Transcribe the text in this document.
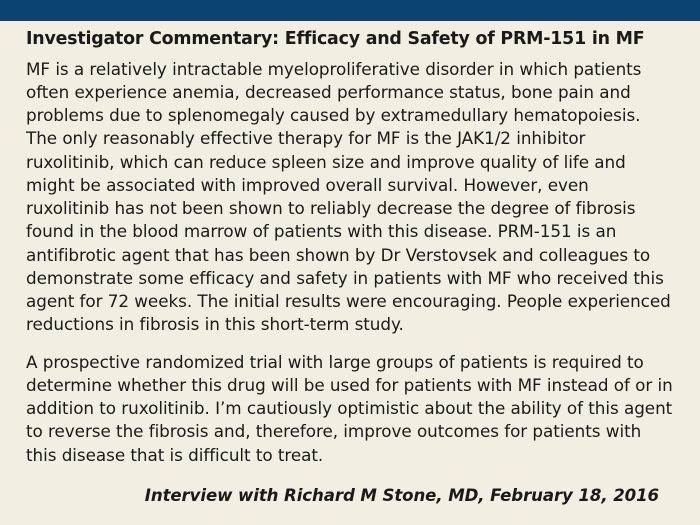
Investigator Commentary: Efficacy and Safety of PRM-151 in MF

MF is a relatively intractable myeloproliferative disorder in which patients often experience anemia, decreased performance status, bone pain and problems due to splenomegaly caused by extramedullary hematopoiesis. The only reasonably effective therapy for MF is the JAK1/2 inhibitor ruxolitinib, which can reduce spleen size and improve quality of life and might be associated with improved overall survival. However, even ruxolitinib has not been shown to reliably decrease the degree of fibrosis found in the blood marrow of patients with this disease. PRM-151 is an antifibrotic agent that has been shown by Dr Verstovsek and colleagues to demonstrate some efficacy and safety in patients with MF who received this agent for 72 weeks. The initial results were encouraging. People experienced reductions in fibrosis in this short-term study.

A prospective randomized trial with large groups of patients is required to determine whether this drug will be used for patients with MF instead of or in addition to ruxolitinib. I’m cautiously optimistic about the ability of this agent to reverse the fibrosis and, therefore, improve outcomes for patients with this disease that is difficult to treat.

Interview with Richard M Stone, MD, February 18, 2016
